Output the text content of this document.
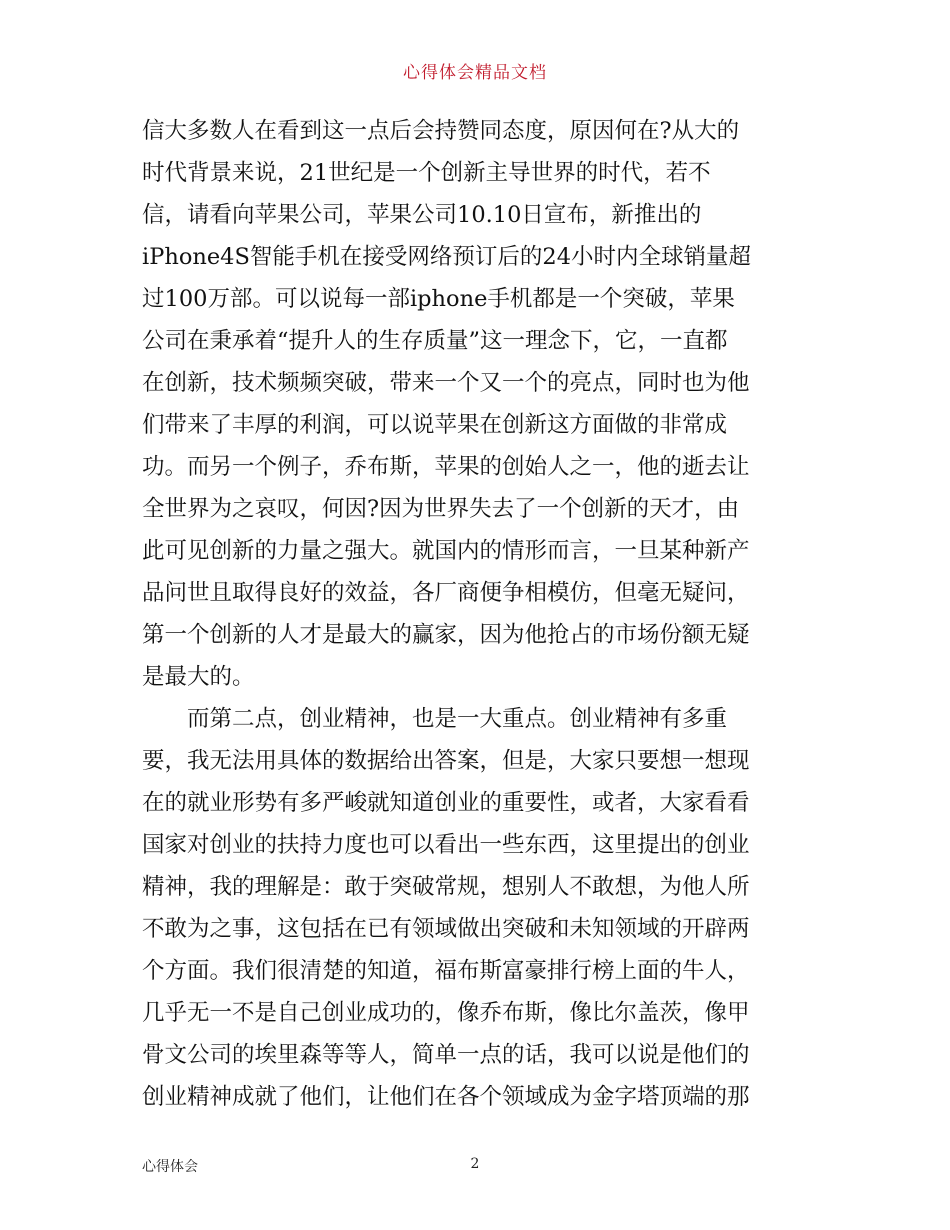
心得体会精品文档
信大多数人在看到这一点后会持赞同态度，原因何在?从大的
时代背景来说，21世纪是一个创新主导世界的时代，若不
信，请看向苹果公司，苹果公司10.10日宣布，新推出的
iPhone4S智能手机在接受网络预订后的24小时内全球销量超
过100万部。可以说每一部iphone手机都是一个突破，苹果
公司在秉承着“提升人的生存质量”这一理念下，它，一直都
在创新，技术频频突破，带来一个又一个的亮点，同时也为他
们带来了丰厚的利润，可以说苹果在创新这方面做的非常成
功。而另一个例子，乔布斯，苹果的创始人之一，他的逝去让
全世界为之哀叹，何因?因为世界失去了一个创新的天才，由
此可见创新的力量之强大。就国内的情形而言，一旦某种新产
品问世且取得良好的效益，各厂商便争相模仿，但毫无疑问，
第一个创新的人才是最大的赢家，因为他抢占的市场份额无疑
是最大的。
　　而第二点，创业精神，也是一大重点。创业精神有多重
要，我无法用具体的数据给出答案，但是，大家只要想一想现
在的就业形势有多严峻就知道创业的重要性，或者，大家看看
国家对创业的扶持力度也可以看出一些东西，这里提出的创业
精神，我的理解是：敢于突破常规，想别人不敢想，为他人所
不敢为之事，这包括在已有领域做出突破和未知领域的开辟两
个方面。我们很清楚的知道，福布斯富豪排行榜上面的牛人，
几乎无一不是自己创业成功的，像乔布斯，像比尔盖茨，像甲
骨文公司的埃里森等等人，简单一点的话，我可以说是他们的
创业精神成就了他们，让他们在各个领域成为金字塔顶端的那
心得体会	2
